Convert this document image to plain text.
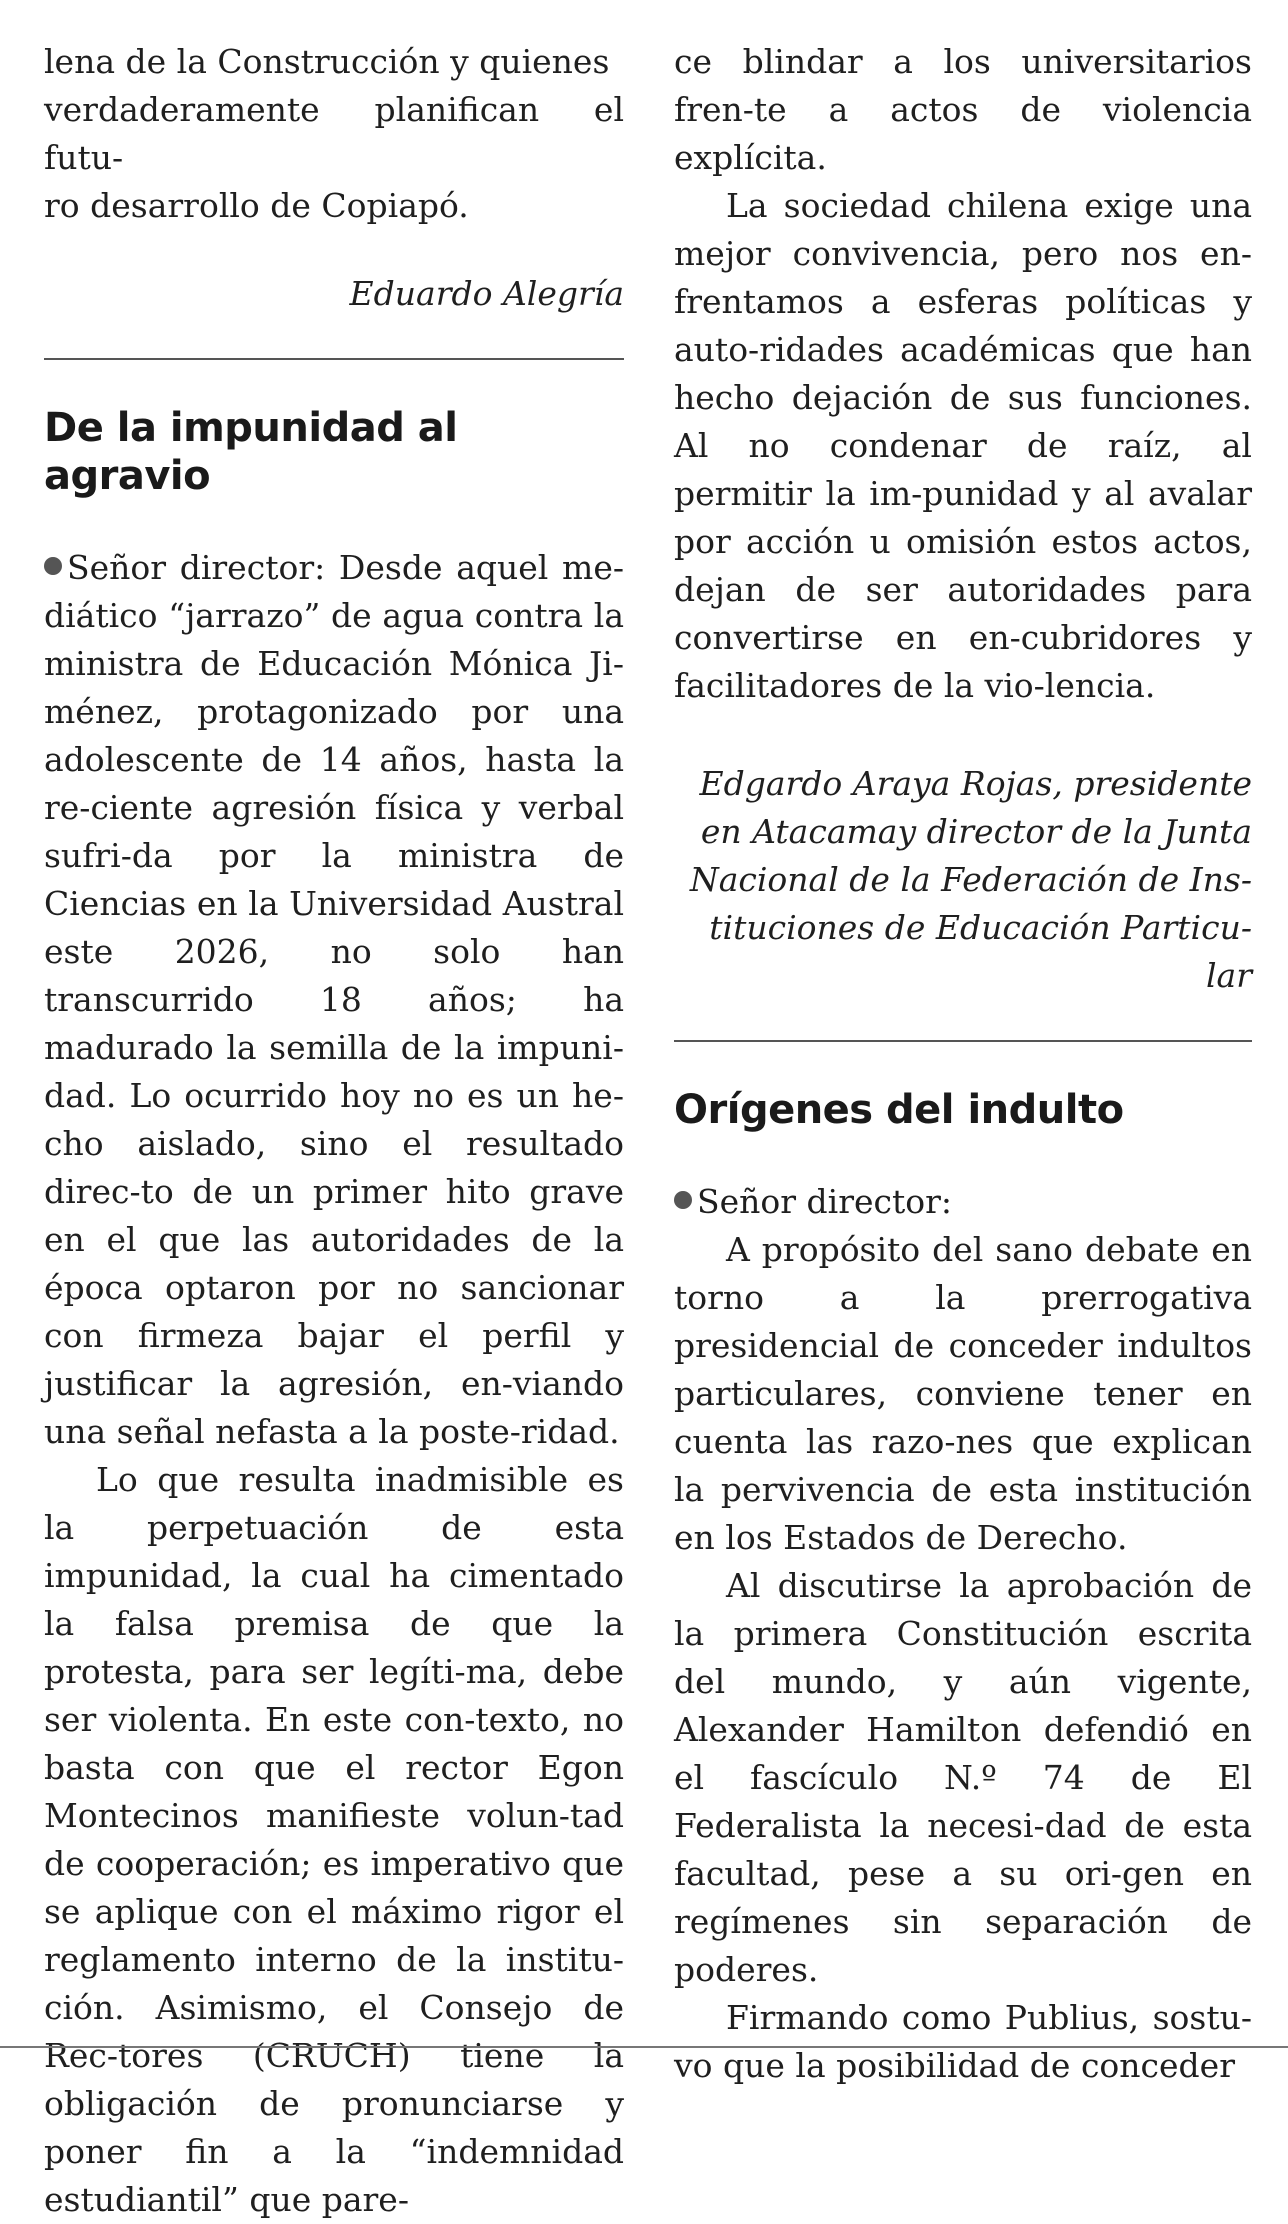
lena de la Construcción y quienes
verdaderamente planifican el futu-
ro desarrollo de Copiapó.

Eduardo Alegría

De la impunidad al agravio

Señor director: Desde aquel me-diático “jarrazo” de agua contra la ministra de Educación Mónica Ji-ménez, protagonizado por una adolescente de 14 años, hasta la re-ciente agresión física y verbal sufri-da por la ministra de Ciencias en la Universidad Austral este 2026, no solo han transcurrido 18 años; ha madurado la semilla de la impuni-dad. Lo ocurrido hoy no es un he-cho aislado, sino el resultado direc-to de un primer hito grave en el que las autoridades de la época optaron por no sancionar con firmeza bajar el perfil y justificar la agresión, en-viando una señal nefasta a la poste-ridad.

Lo que resulta inadmisible es la perpetuación de esta impunidad, la cual ha cimentado la falsa premisa de que la protesta, para ser legíti-ma, debe ser violenta. En este con-texto, no basta con que el rector Egon Montecinos manifieste volun-tad de cooperación; es imperativo que se aplique con el máximo rigor el reglamento interno de la institu-ción. Asimismo, el Consejo de Rec-tores (CRUCH) tiene la obligación de pronunciarse y poner fin a la “indemnidad estudiantil” que pare-

ce blindar a los universitarios fren-te a actos de violencia explícita.

La sociedad chilena exige una mejor convivencia, pero nos en-frentamos a esferas políticas y auto-ridades académicas que han hecho dejación de sus funciones. Al no condenar de raíz, al permitir la im-punidad y al avalar por acción u omisión estos actos, dejan de ser autoridades para convertirse en en-cubridores y facilitadores de la vio-lencia.

Edgardo Araya Rojas, presidente
en Atacamay director de la Junta
Nacional de la Federación de Ins-
tituciones de Educación Particu-
lar

Orígenes del indulto

Señor director:

A propósito del sano debate en torno a la prerrogativa presidencial de conceder indultos particulares, conviene tener en cuenta las razo-nes que explican la pervivencia de esta institución en los Estados de Derecho.

Al discutirse la aprobación de la primera Constitución escrita del mundo, y aún vigente, Alexander Hamilton defendió en el fascículo N.º 74 de El Federalista la necesi-dad de esta facultad, pese a su ori-gen en regímenes sin separación de poderes.

Firmando como Publius, sostu-vo que la posibilidad de conceder
